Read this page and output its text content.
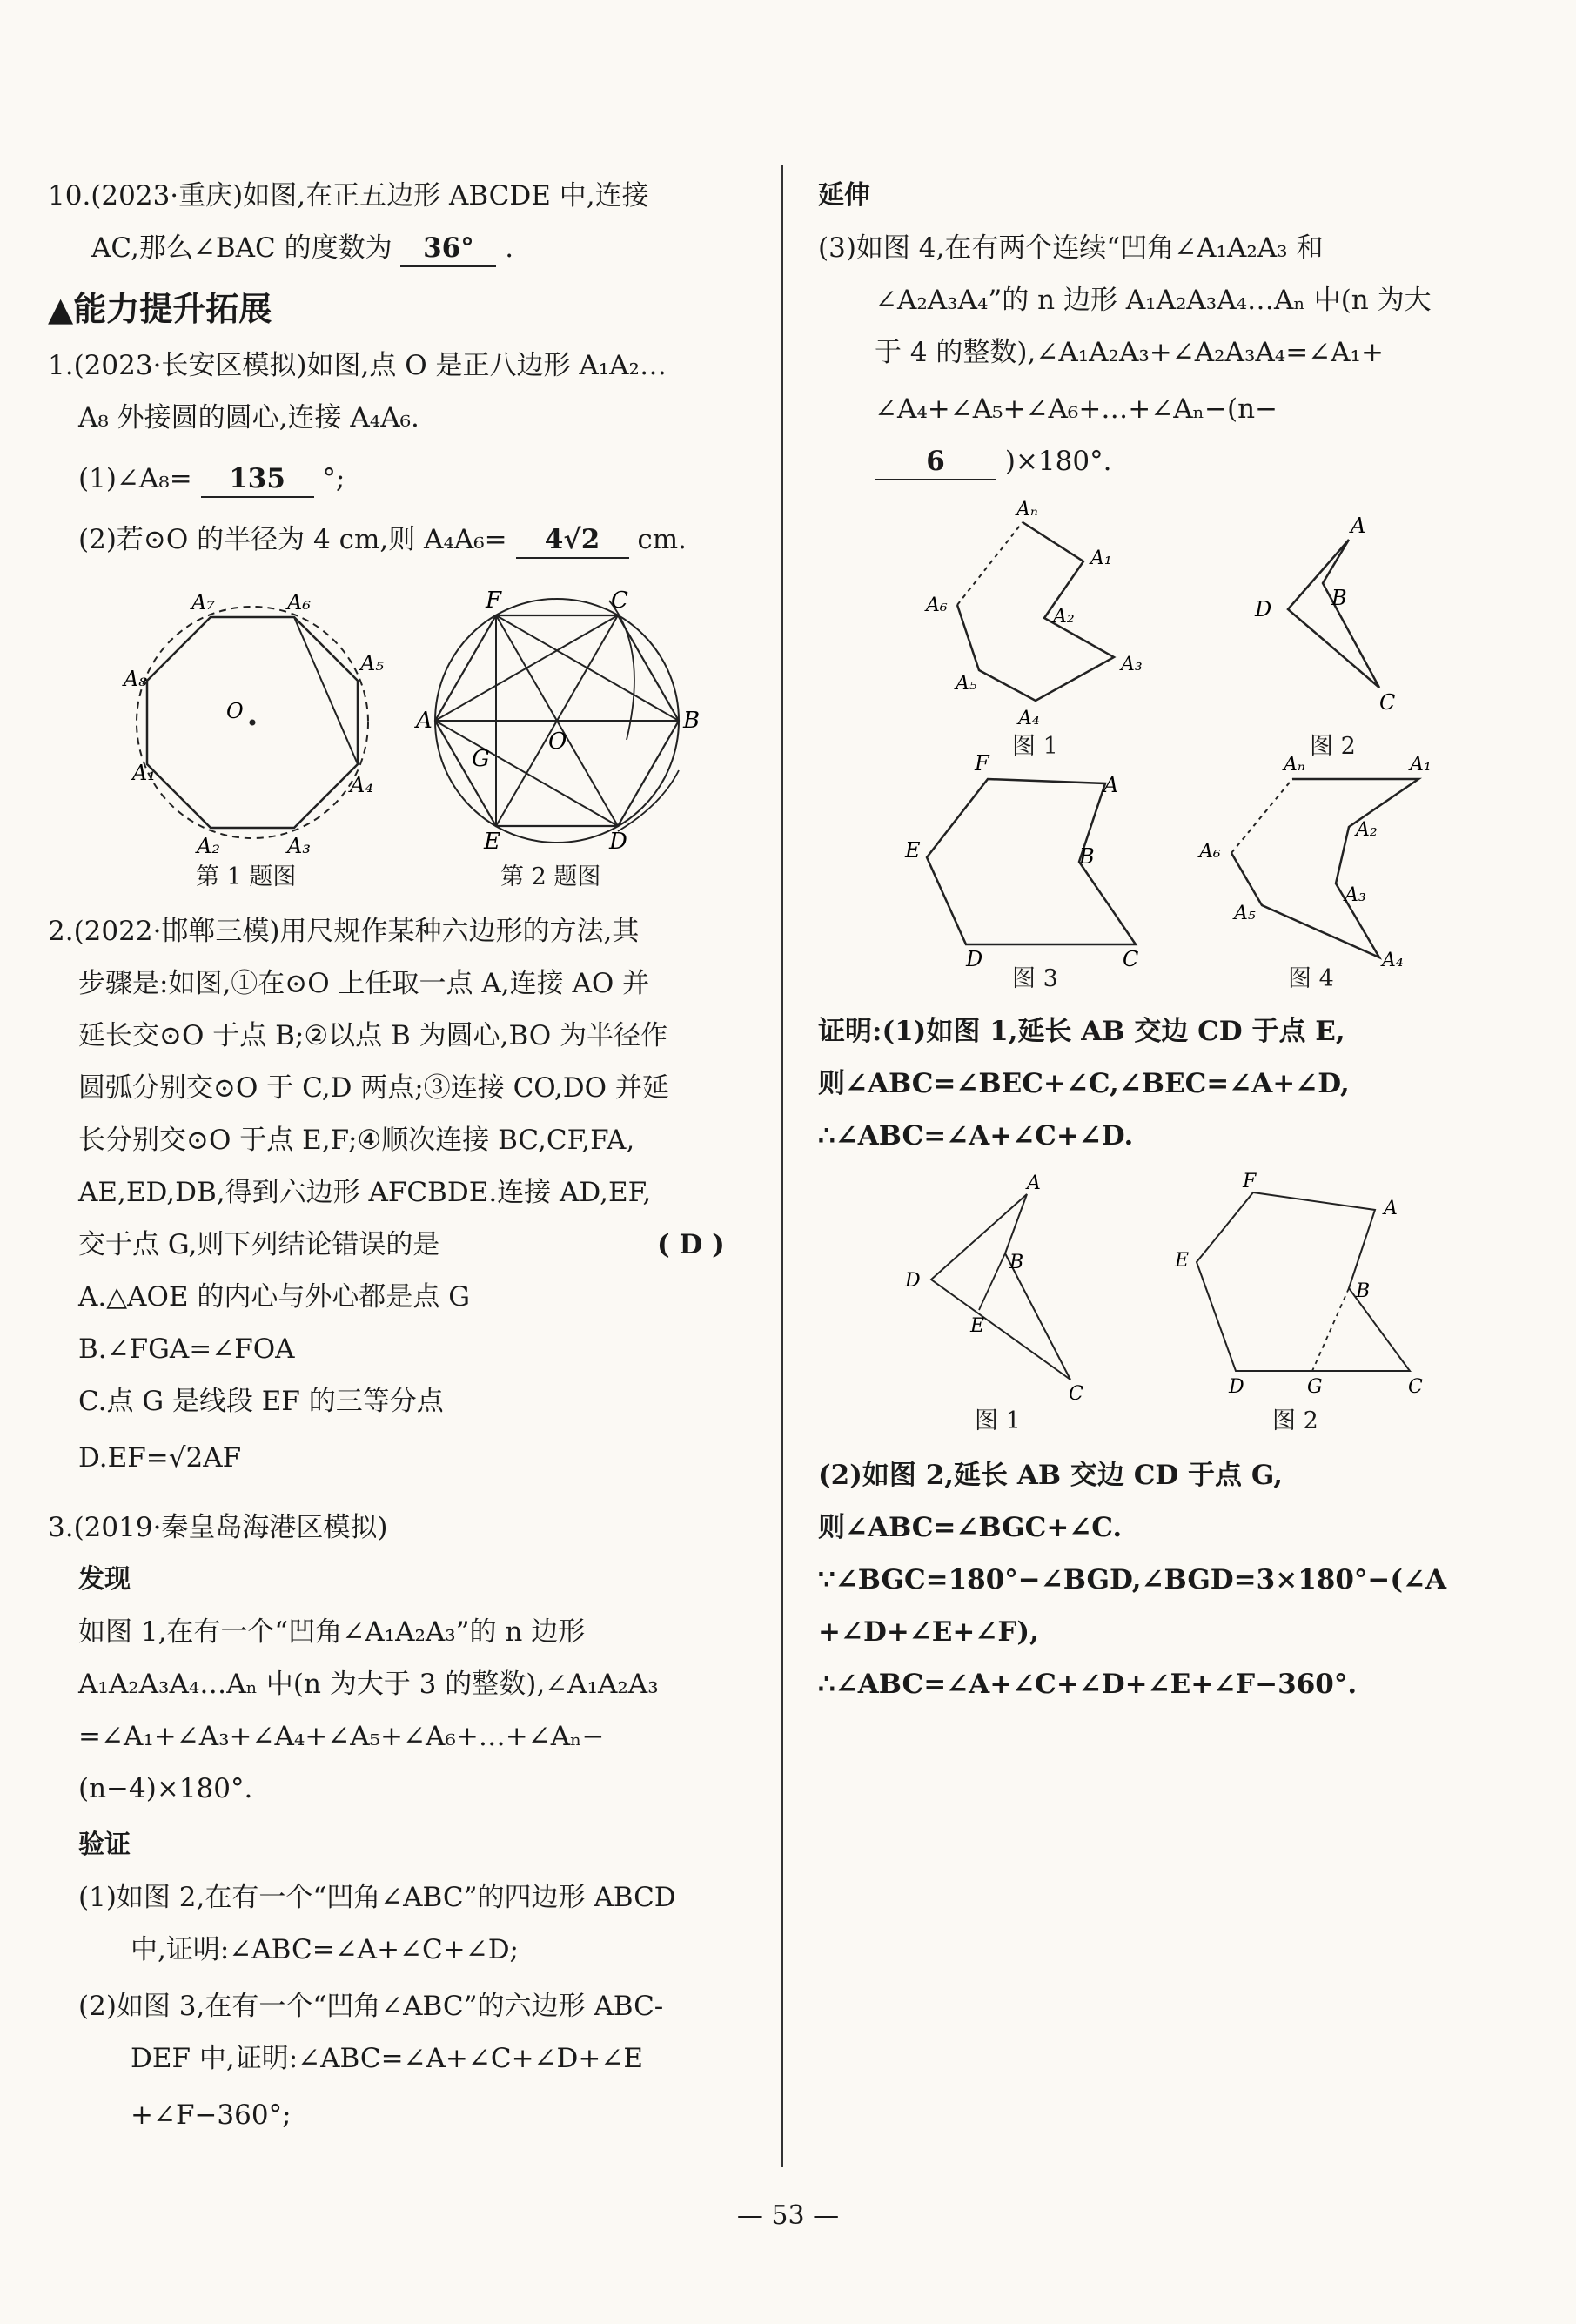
10.(2023·重庆)如图,在正五边形 ABCDE 中,连接
AC,那么∠BAC 的度数为 36° .
▲能力提升拓展
1.(2023·长安区模拟)如图,点 O 是正八边形 A₁A₂…
A₈ 外接圆的圆心,连接 A₄A₆.
(1)∠A₈= 135 °;
(2)若⊙O 的半径为 4 cm,则 A₄A₆= 4√2 cm.
A₇	A₆
A₅
A₄
A₃
A₂
A₁
A₈
O
第 1 题图
F	C
A	B
E	D
G
O
第 2 题图
2.(2022·邯郸三模)用尺规作某种六边形的方法,其
步骤是:如图,①在⊙O 上任取一点 A,连接 AO 并
延长交⊙O 于点 B;②以点 B 为圆心,BO 为半径作
圆弧分别交⊙O 于 C,D 两点;③连接 CO,DO 并延
长分别交⊙O 于点 E,F;④顺次连接 BC,CF,FA,
AE,ED,DB,得到六边形 AFCBDE.连接 AD,EF,
交于点 G,则下列结论错误的是	( D )
A.△AOE 的内心与外心都是点 G
B.∠FGA=∠FOA
C.点 G 是线段 EF 的三等分点
D.EF=√2AF
3.(2019·秦皇岛海港区模拟)
发现
如图 1,在有一个“凹角∠A₁A₂A₃”的 n 边形
A₁A₂A₃A₄…Aₙ 中(n 为大于 3 的整数),∠A₁A₂A₃
=∠A₁+∠A₃+∠A₄+∠A₅+∠A₆+…+∠Aₙ−
(n−4)×180°.
验证
(1)如图 2,在有一个“凹角∠ABC”的四边形 ABCD
中,证明:∠ABC=∠A+∠C+∠D;
(2)如图 3,在有一个“凹角∠ABC”的六边形 ABC-
DEF 中,证明:∠ABC=∠A+∠C+∠D+∠E
+∠F−360°;
延伸
(3)如图 4,在有两个连续“凹角∠A₁A₂A₃ 和
∠A₂A₃A₄”的 n 边形 A₁A₂A₃A₄…Aₙ 中(n 为大
于 4 的整数),∠A₁A₂A₃+∠A₂A₃A₄=∠A₁+
∠A₄+∠A₅+∠A₆+…+∠Aₙ−(n−
6 )×180°.
Aₙ
A₁
A₂
A₃
A₄
A₅
A₆
图 1
A
B
C
D
图 2
F
A
B
C
D
E
图 3
Aₙ	A₁
A₂
A₃
A₄
A₅
A₆
图 4
证明:(1)如图 1,延长 AB 交边 CD 于点 E,
则∠ABC=∠BEC+∠C,∠BEC=∠A+∠D,
∴∠ABC=∠A+∠C+∠D.
A
B
C
D
E
图 1
F
A
B
C
D	G
E
图 2
(2)如图 2,延长 AB 交边 CD 于点 G,
则∠ABC=∠BGC+∠C.
∵∠BGC=180°−∠BGD,∠BGD=3×180°−(∠A
+∠D+∠E+∠F),
∴∠ABC=∠A+∠C+∠D+∠E+∠F−360°.
— 53 —
